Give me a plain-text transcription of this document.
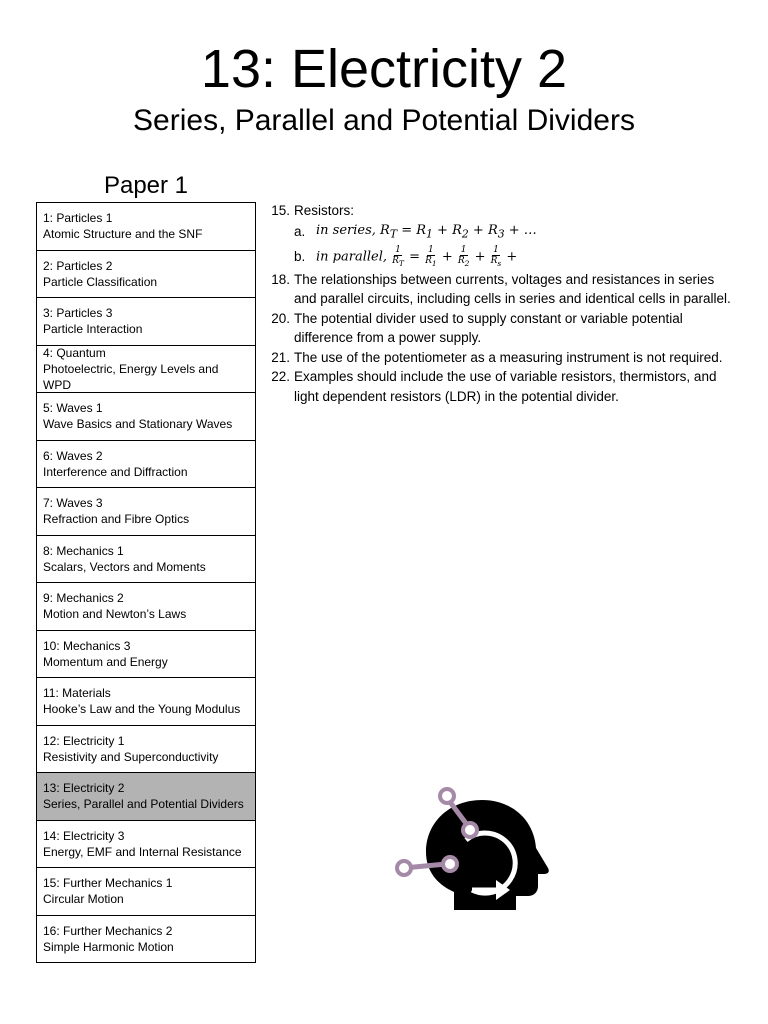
13: Electricity 2
Series, Parallel and Potential Dividers
Paper 1
1: Particles 1
Atomic Structure and the SNF
2: Particles 2
Particle Classification
3: Particles 3
Particle Interaction
4: Quantum
Photoelectric, Energy Levels and WPD
5: Waves 1
Wave Basics and Stationary Waves
6: Waves 2
Interference and Diffraction
7: Waves 3
Refraction and Fibre Optics
8: Mechanics 1
Scalars, Vectors and Moments
9: Mechanics 2
Motion and Newton’s Laws
10: Mechanics 3
Momentum and Energy
11: Materials
Hooke’s Law and the Young Modulus
12: Electricity 1
Resistivity and Superconductivity
13: Electricity 2
Series, Parallel and Potential Dividers
14: Electricity 3
Energy, EMF and Internal Resistance
15: Further Mechanics 1
Circular Motion
16: Further Mechanics 2
Simple Harmonic Motion
15. Resistors:
a. in series, $R_T = R_1 + R_2 + R_3$ + …
b. in parallel, $\frac{1}{R_T} = \frac{1}{R_1} + \frac{1}{R_2} + \frac{1}{R_s}$ +
18. The relationships between currents, voltages and resistances in series and parallel circuits, including cells in series and identical cells in parallel.
20. The potential divider used to supply constant or variable potential difference from a power supply.
21. The use of the potentiometer as a measuring instrument is not required.
22. Examples should include the use of variable resistors, thermistors, and light dependent resistors (LDR) in the potential divider.
